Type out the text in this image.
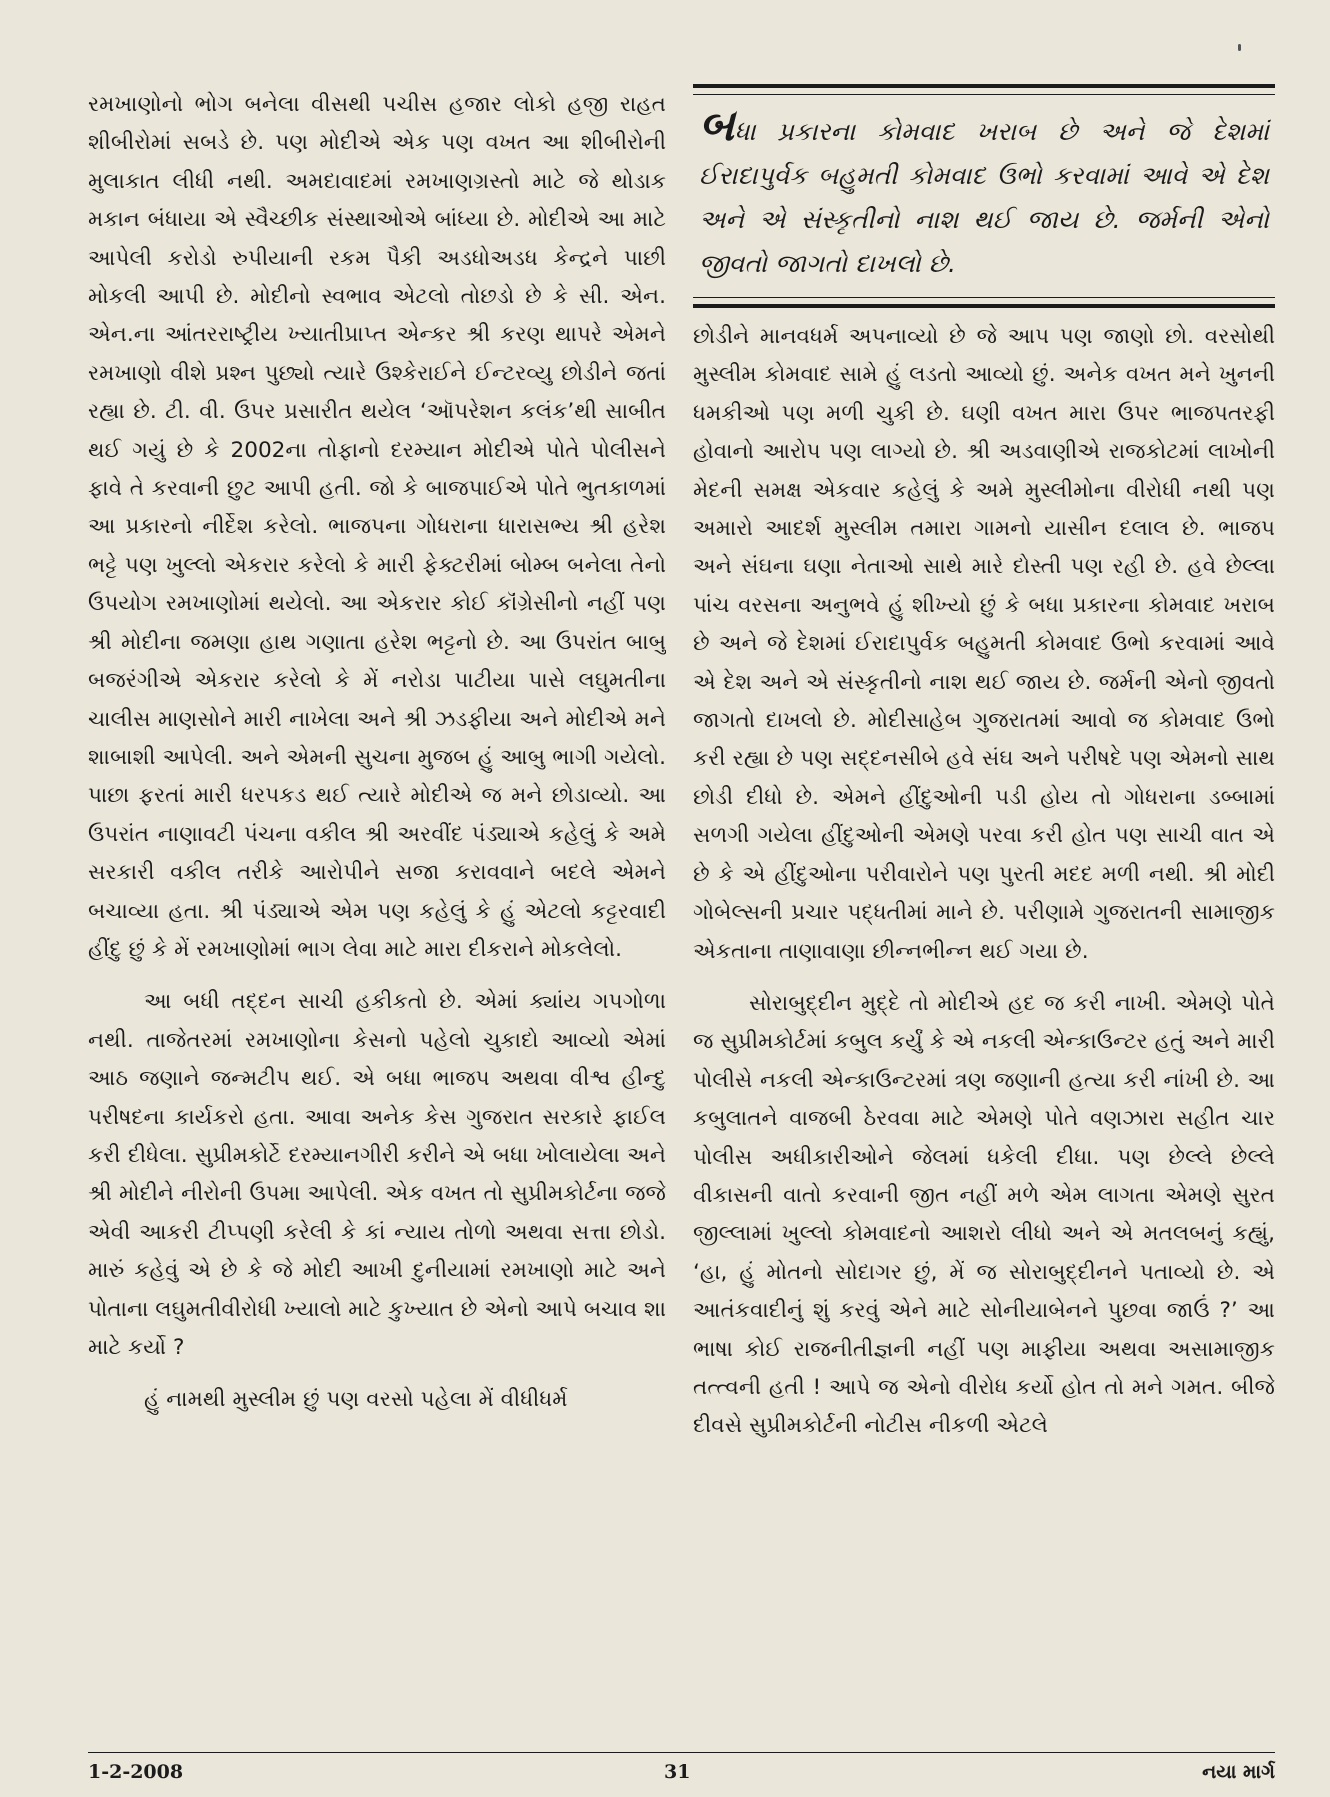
રમખાણોનો ભોગ બનેલા વીસથી પચીસ હજાર લોકો હજી રાહત શીબીરોમાં સબડે છે. પણ મોદીએ એક પણ વખત આ શીબીરોની મુલાકાત લીધી નથી. અમદાવાદમાં રમખાણગ્રસ્તો માટે જે થોડાક મકાન બંધાયા એ સ્વૈચ્છીક સંસ્થાઓએ બાંધ્યા છે. મોદીએ આ માટે આપેલી કરોડો રુપીયાની રકમ પૈકી અડધોઅડધ કેન્દ્રને પાછી મોકલી આપી છે. મોદીનો સ્વભાવ એટલો તોછડો છે કે સી. એન. એન.ના આંતરરાષ્ટ્રીય ખ્યાતીપ્રાપ્ત એન્કર શ્રી કરણ થાપરે એમને રમખાણો વીશે પ્રશ્ન પુછ્યો ત્યારે ઉશ્કેરાઈને ઈન્ટરવ્યુ છોડીને જતાં રહ્યા છે. ટી. વી. ઉપર પ્રસારીત થયેલ ‘ઑપરેશન કલંક’થી સાબીત થઈ ગયું છે કે 2002ના તોફાનો દરમ્યાન મોદીએ પોતે પોલીસને ફાવે તે કરવાની છુટ આપી હતી. જો કે બાજપાઈએ પોતે ભુતકાળમાં આ પ્રકારનો નીર્દેશ કરેલો. ભાજપના ગોધરાના ધારાસભ્ય શ્રી હરેશ ભટ્ટે પણ ખુલ્લો એકરાર કરેલો કે મારી ફેક્ટરીમાં બોમ્બ બનેલા તેનો ઉપયોગ રમખાણોમાં થયેલો. આ એકરાર કોઈ કૉંગ્રેસીનો નહીં પણ શ્રી મોદીના જમણા હાથ ગણાતા હરેશ ભટ્ટનો છે. આ ઉપરાંત બાબુ બજરંગીએ એકરાર કરેલો કે મેં નરોડા પાટીયા પાસે લઘુમતીના ચાલીસ માણસોને મારી નાખેલા અને શ્રી ઝડફીયા અને મોદીએ મને શાબાશી આપેલી. અને એમની સુચના મુજબ હું આબુ ભાગી ગયેલો. પાછા ફરતાં મારી ધરપકડ થઈ ત્યારે મોદીએ જ મને છોડાવ્યો. આ ઉપરાંત નાણાવટી પંચના વકીલ શ્રી અરવીંદ પંડ્યાએ કહેલું કે અમે સરકારી વકીલ તરીકે આરોપીને સજા કરાવવાને બદલે એમને બચાવ્યા હતા. શ્રી પંડ્યાએ એમ પણ કહેલું કે હું એટલો કટ્ટરવાદી હીંદુ છું કે મેં રમખાણોમાં ભાગ લેવા માટે મારા દીકરાને મોકલેલો.

આ બધી તદ્દન સાચી હકીકતો છે. એમાં ક્યાંય ગપગોળા નથી. તાજેતરમાં રમખાણોના કેસનો પહેલો ચુકાદો આવ્યો એમાં આઠ જણાને જન્મટીપ થઈ. એ બધા ભાજપ અથવા વીશ્વ હીન્દુ પરીષદના કાર્યકરો હતા. આવા અનેક કેસ ગુજરાત સરકારે ફાઈલ કરી દીધેલા. સુપ્રીમકોર્ટે દરમ્યાનગીરી કરીને એ બધા ખોલાયેલા અને શ્રી મોદીને નીરોની ઉપમા આપેલી. એક વખત તો સુપ્રીમકોર્ટના જજે એવી આકરી ટીપ્પણી કરેલી કે કાં ન્યાય તોળો અથવા સત્તા છોડો. મારું કહેવું એ છે કે જે મોદી આખી દુનીયામાં રમખાણો માટે અને પોતાના લઘુમતીવીરોધી ખ્યાલો માટે કુખ્યાત છે એનો આપે બચાવ શા માટે કર્યો ?

હું નામથી મુસ્લીમ છું પણ વરસો પહેલા મેં વીધીધર્મ

બધા પ્રકારના કોમવાદ ખરાબ છે અને જે દેશમાં ઈરાદાપુર્વક બહુમતી કોમવાદ ઉભો કરવામાં આવે એ દેશ અને એ સંસ્કૃતીનો નાશ થઈ જાય છે. જર્મની એનો જીવતો જાગતો દાખલો છે.

છોડીને માનવધર્મ અપનાવ્યો છે જે આપ પણ જાણો છો. વરસોથી મુસ્લીમ કોમવાદ સામે હું લડતો આવ્યો છું. અનેક વખત મને ખુનની ધમકીઓ પણ મળી ચુકી છે. ઘણી વખત મારા ઉપર ભાજપતરફી હોવાનો આરોપ પણ લાગ્યો છે. શ્રી અડવાણીએ રાજકોટમાં લાખોની મેદની સમક્ષ એકવાર કહેલું કે અમે મુસ્લીમોના વીરોધી નથી પણ અમારો આદર્શ મુસ્લીમ તમારા ગામનો યાસીન દલાલ છે. ભાજપ અને સંઘના ઘણા નેતાઓ સાથે મારે દોસ્તી પણ રહી છે. હવે છેલ્લા પાંચ વરસના અનુભવે હું શીખ્યો છું કે બધા પ્રકારના કોમવાદ ખરાબ છે અને જે દેશમાં ઈરાદાપુર્વક બહુમતી કોમવાદ ઉભો કરવામાં આવે એ દેશ અને એ સંસ્કૃતીનો નાશ થઈ જાય છે. જર્મની એનો જીવતો જાગતો દાખલો છે. મોદીસાહેબ ગુજરાતમાં આવો જ કોમવાદ ઉભો કરી રહ્યા છે પણ સદ્દનસીબે હવે સંઘ અને પરીષદે પણ એમનો સાથ છોડી દીધો છે. એમને હીંદુઓની પડી હોય તો ગોધરાના ડબ્બામાં સળગી ગયેલા હીંદુઓની એમણે પરવા કરી હોત પણ સાચી વાત એ છે કે એ હીંદુઓના પરીવારોને પણ પુરતી મદદ મળી નથી. શ્રી મોદી ગોબેલ્સની પ્રચાર પદ્ધતીમાં માને છે. પરીણામે ગુજરાતની સામાજીક એકતાના તાણાવાણા છીન્નભીન્ન થઈ ગયા છે.

સોરાબુદ્દીન મુદ્દે તો મોદીએ હદ જ કરી નાખી. એમણે પોતે જ સુપ્રીમકોર્ટમાં કબુલ કર્યું કે એ નકલી એન્કાઉન્ટર હતું અને મારી પોલીસે નકલી એન્કાઉન્ટરમાં ત્રણ જણાની હત્યા કરી નાંખી છે. આ કબુલાતને વાજબી ઠેરવવા માટે એમણે પોતે વણઝારા સહીત ચાર પોલીસ અધીકારીઓને જેલમાં ધકેલી દીધા. પણ છેલ્લે છેલ્લે વીકાસની વાતો કરવાની જીત નહીં મળે એમ લાગતા એમણે સુરત જીલ્લામાં ખુલ્લો કોમવાદનો આશરો લીધો અને એ મતલબનું કહ્યું, ‘હા, હું મોતનો સોદાગર છું, મેં જ સોરાબુદ્દીનને પતાવ્યો છે. એ આતંકવાદીનું શું કરવું એને માટે સોનીયાબેનને પુછવા જાઉં ?’ આ ભાષા કોઈ રાજનીતીજ્ઞની નહીં પણ માફીયા અથવા અસામાજીક તત્ત્વની હતી ! આપે જ એનો વીરોધ કર્યો હોત તો મને ગમત. બીજે દીવસે સુપ્રીમકોર્ટની નોટીસ નીકળી એટલે

1-2-2008	31	નયા માર્ગ
